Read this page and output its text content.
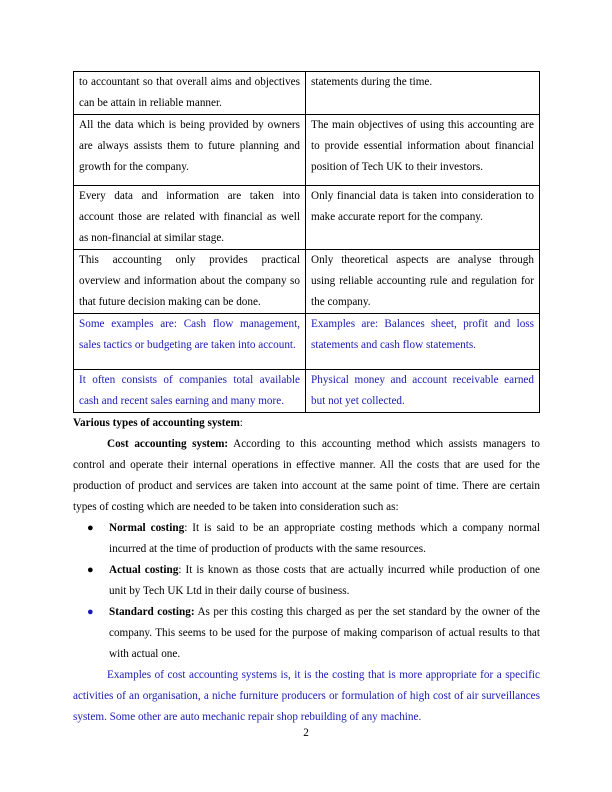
to accountant so that overall aims and objectives can be attain in reliable manner.	statements during the time.
All the data which is being provided by owners are always assists them to future planning and growth for the company.	The main objectives of using this accounting are to provide essential information about financial position of Tech UK to their investors.
Every data and information are taken into account those are related with financial as well as non-financial at similar stage.	Only financial data is taken into consideration to make accurate report for the company.
This accounting only provides practical overview and information about the company so that future decision making can be done.	Only theoretical aspects are analyse through using reliable accounting rule and regulation for the company.
Some examples are: Cash flow management, sales tactics or budgeting are taken into account.	Examples are: Balances sheet, profit and loss statements and cash flow statements.
It often consists of companies total available cash and recent sales earning and many more.	Physical money and account receivable earned but not yet collected.

Various types of accounting system:

Cost accounting system: According to this accounting method which assists managers to control and operate their internal operations in effective manner. All the costs that are used for the production of product and services are taken into account at the same point of time. There are certain types of costing which are needed to be taken into consideration such as:

● Normal costing: It is said to be an appropriate costing methods which a company normal incurred at the time of production of products with the same resources.
● Actual costing: It is known as those costs that are actually incurred while production of one unit by Tech UK Ltd in their daily course of business.
● Standard costing: As per this costing this charged as per the set standard by the owner of the company. This seems to be used for the purpose of making comparison of actual results to that with actual one.

Examples of cost accounting systems is, it is the costing that is more appropriate for a specific activities of an organisation, a niche furniture producers or formulation of high cost of air surveillances system. Some other are auto mechanic repair shop rebuilding of any machine.

2
